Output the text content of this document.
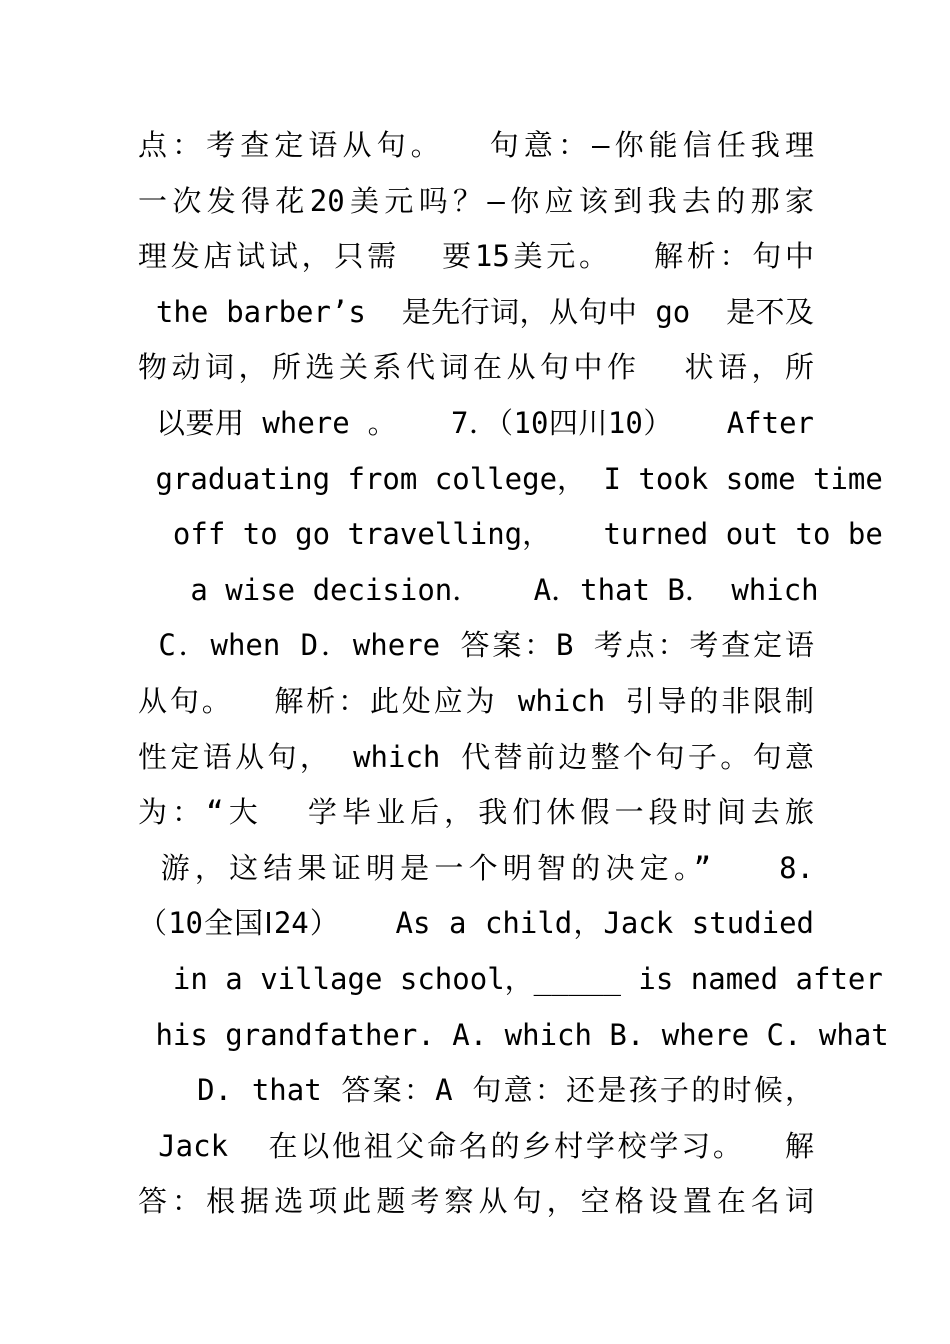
点：考查定语从句。  句意：—你能信任我理
一次发得花20美元吗？—你应该到我去的那家
理发店试试，只需  要15美元。  解析：句中
the barber’s  是先行词，从句中 go  是不及
物动词，所选关系代词在从句中作  状语，所
以要用 where 。   7．（10四川10）   After
graduating from college， I took some time
off to go travelling，   turned out to be
a wise decision．   A．that B． which
C．when D．where 答案：B 考点：考查定语
从句。  解析：此处应为 which 引导的非限制
性定语从句， which 代替前边整个句子。句意
为：“大  学毕业后，我们休假一段时间去旅
游，这结果证明是一个明智的决定。”   8.
（10全国Ⅰ24）   As a child，Jack studied
in a village school，_____ is named after
his grandfather. A. which B. where C. what
D. that 答案：A 句意：还是孩子的时候，
Jack  在以他祖父命名的乡村学校学习。  解
答：根据选项此题考察从句，空格设置在名词
